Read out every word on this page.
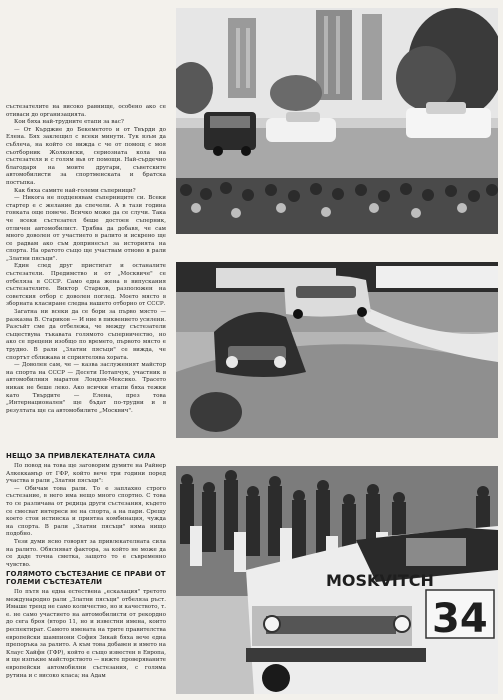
състезателите на високо равнище, особено ако се отиваси до организацията.

Кои бяха най-трудните етапи за вас?

— От Кърджие до Бекеметото и от Твърди до Елена. Бях заклещил с всеки минути. Тук взъм да съблеча, на който се вижда с че от помощ с моя съотборник Жолковски, сериозната кола на състезателя и с голям вьв от помощи. Най-сърдечно благодаря на моите другари, съветските автомобилисти за спортменската и братска постъпка.

Как бяха самите най-големи съперници?

— Никога не подценявам съперниците си. Всеки стартер е с желание да спечели. А в тази година гонката още повече. Всичко може да се случи. Така че всеки състезател беше достоен съперник, отличен автомобилист. Трябва да добавя, че сам много доволен от участието в ралито и искрено ще се радвам ако съм допринесъл за историята на спорта. На оратото също ще участвам отново в рали „Златни пясъци".

Един след друг пристигат и останалите състезатели. Предимство и от „Москвиче" се отбеляза в СССР. Само една жена в випускания състезателите. Виктор Старков, разположен на советския отбор с доволен поглед. Моето място в зборната класиране следва нашето отборно от СССР.

Загатна ни всеки да се бори за първо място — разказва В. Стариков — И ние в пиквението усилени. Разсъйт сме да отбележа, че между състезатели съществува тъкавата голямото съперничество, но ако се прецени изобщо по времето, първото място е трудно. В рали „Златни пясъци" се вижда, че спортът сближава и сприятелява хората.

— Доволен сам, че — казва заслуженият майстор на спорта на СССР — Десети Потапчук, участник в автомобилния маратон Лондон-Мексико. Трасето никак не беше леко. Ако всички етапи бяха тежки като Твърдите — Елена, през това „Интернационален" ще бъдат по-трудни и в резултата ще са автомобилите „Москвич".

НЕЩО ЗА ПРИВЛЕКАТЕЛНАТА СИЛА

По повод на това ще заговорим думите на Райнер Алкеккамър от ГФР, който вече три години поред участва в рали „Златни пясъци":

— Обичам това рали. То е заплахно строго състезание, в него има нещо много спортно. С това то се различава от редица други състезания, където се смесват интереси не на спорта, а на пари. Срещу което стои истинска и приятна комбинация, чужда на спорта. В рали „Златни пясъци" няма нищо подобно.

Тези думи ясно говорят за привлекателната сила на ралито. Обясняват фактора, за който не може да се даде точна сметка, защото то е съвременно чувство.

ГОЛЯМОТО СЪСТЕЗАНИЕ СЕ ПРАВИ ОТ ГОЛЕМИ СЪСТЕЗАТЕЛИ

По пътя на една естествена „ескалация" третото международно рали „Златни пясъци" отбеляза ръст. Имаше тренд не само количество, но и качеството, т. е. не само участието на автомобилисти от рекордно до сега броя (второ 11, но и известни имена, които респектират. Самото имената на трите правителства европейски шампиони София Зикай бяха вече една препоръка за ралито. А към това добавен и името на Клаус Хайфн (ГФР), който е също известен в Европа, и ще изпъкне майсторството — вижте проверяваните европейски автомобилни състезания, с голяма рутина и с високо класа; на Адам

MOSKVITCH
34
